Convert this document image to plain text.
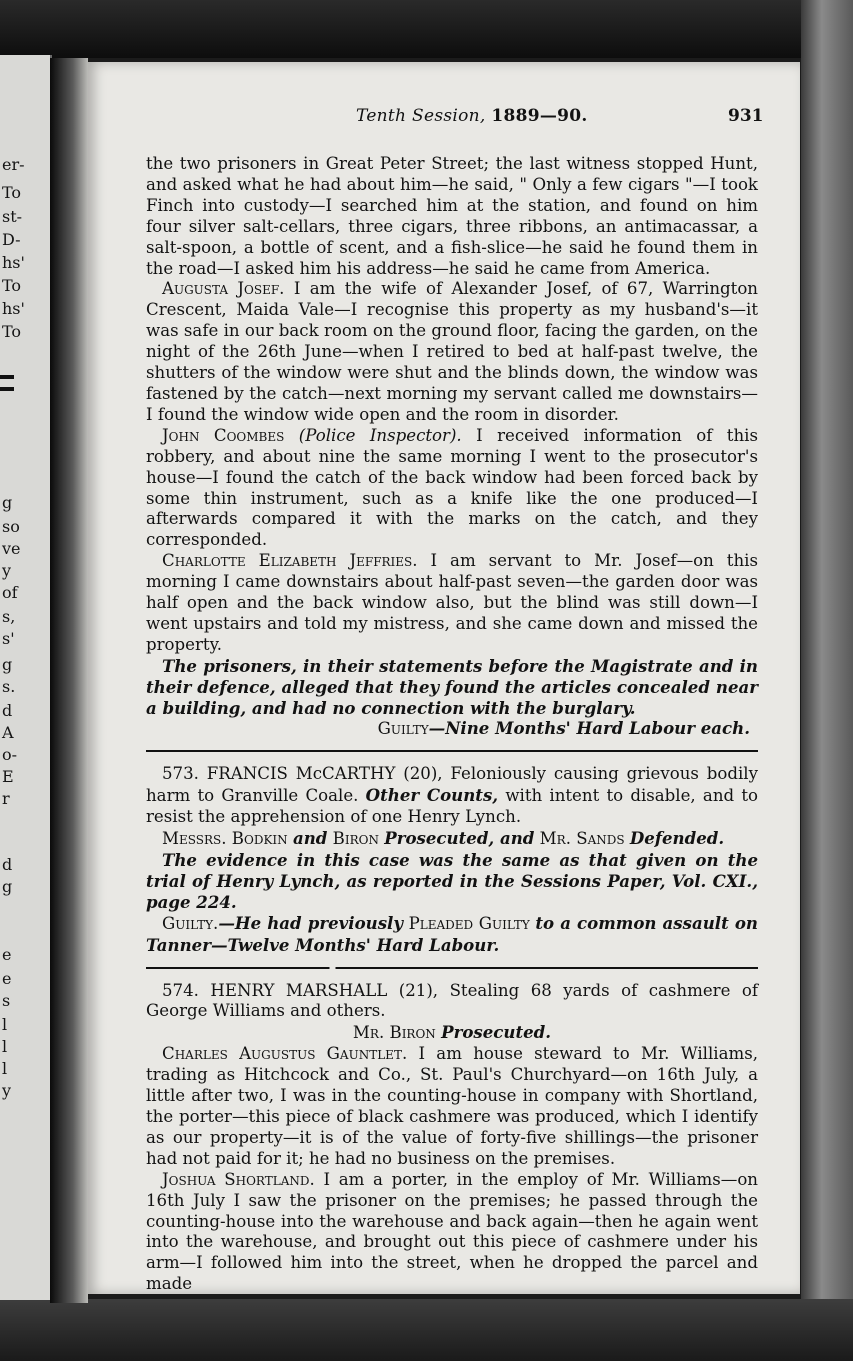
er-
To
st-
D-
hs'
To
hs'
To
g
so
ve
y
of
s,
s'
g
s.
d
A
o-
E
r
d
g
e
e
s
l
l
l
y
Tenth Session, 1889—90.	931

the two prisoners in Great Peter Street; the last witness stopped Hunt, and asked what he had about him—he said, " Only a few cigars "—I took Finch into custody—I searched him at the station, and found on him four silver salt-cellars, three cigars, three ribbons, an antimacassar, a salt-spoon, a bottle of scent, and a fish-slice—he said he found them in the road—I asked him his address—he said he came from America.

Augusta Josef. I am the wife of Alexander Josef, of 67, Warrington Crescent, Maida Vale—I recognise this property as my husband's—it was safe in our back room on the ground floor, facing the garden, on the night of the 26th June—when I retired to bed at half-past twelve, the shutters of the window were shut and the blinds down, the window was fastened by the catch—next morning my servant called me downstairs—I found the window wide open and the room in disorder.

John Coombes (Police Inspector). I received information of this robbery, and about nine the same morning I went to the prosecutor's house—I found the catch of the back window had been forced back by some thin instrument, such as a knife like the one produced—I afterwards compared it with the marks on the catch, and they corresponded.

Charlotte Elizabeth Jeffries. I am servant to Mr. Josef—on this morning I came downstairs about half-past seven—the garden door was half open and the back window also, but the blind was still down—I went upstairs and told my mistress, and she came down and missed the property.

The prisoners, in their statements before the Magistrate and in their defence, alleged that they found the articles concealed near a building, and had no connection with the burglary.

Guilty—Nine Months' Hard Labour each.

573. FRANCIS McCARTHY (20), Feloniously causing grievous bodily harm to Granville Coale. Other Counts, with intent to disable, and to resist the apprehension of one Henry Lynch.

Messrs. Bodkin and Biron Prosecuted, and Mr. Sands Defended.

The evidence in this case was the same as that given on the trial of Henry Lynch, as reported in the Sessions Paper, Vol. CXI., page 224.

Guilty.—He had previously Pleaded Guilty to a common assault on Tanner—Twelve Months' Hard Labour.

574. HENRY MARSHALL (21), Stealing 68 yards of cashmere of George Williams and others.

Mr. Biron Prosecuted.

Charles Augustus Gauntlet. I am house steward to Mr. Williams, trading as Hitchcock and Co., St. Paul's Churchyard—on 16th July, a little after two, I was in the counting-house in company with Shortland, the porter—this piece of black cashmere was produced, which I identify as our property—it is of the value of forty-five shillings—the prisoner had not paid for it; he had no business on the premises.

Joshua Shortland. I am a porter, in the employ of Mr. Williams—on 16th July I saw the prisoner on the premises; he passed through the counting-house into the warehouse and back again—then he again went into the warehouse, and brought out this piece of cashmere under his arm—I followed him into the street, when he dropped the parcel and made
